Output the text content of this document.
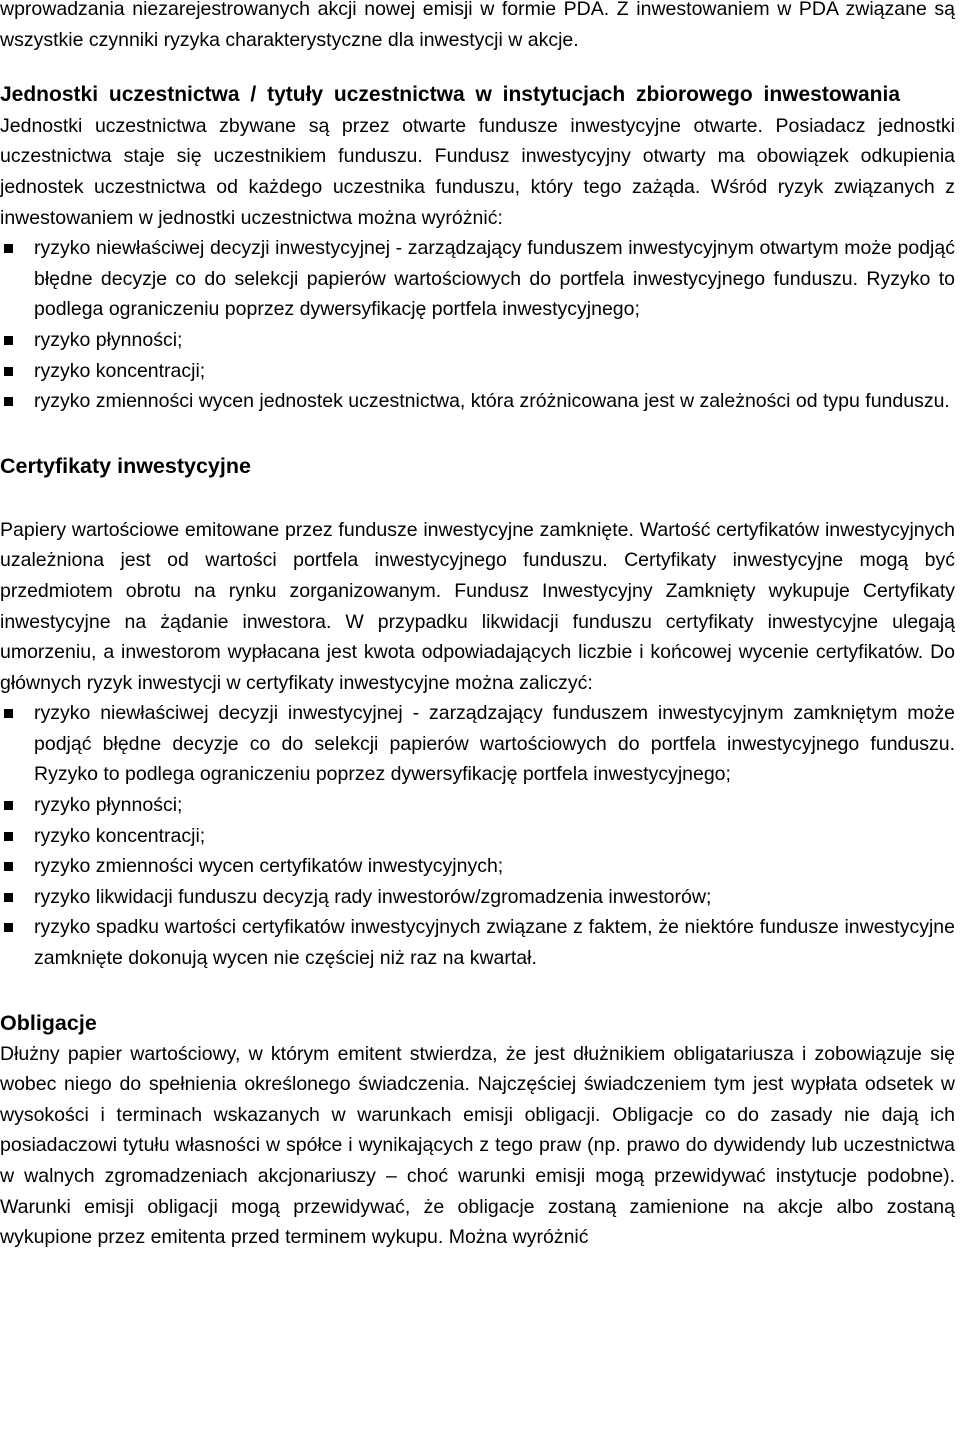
wprowadzania niezarejestrowanych akcji nowej emisji w formie PDA. Z inwestowaniem w PDA związane są wszystkie czynniki ryzyka charakterystyczne dla inwestycji w akcje.

Jednostki uczestnictwa / tytuły uczestnictwa w instytucjach zbiorowego inwestowania

Jednostki uczestnictwa zbywane są przez otwarte fundusze inwestycyjne otwarte. Posiadacz jednostki uczestnictwa staje się uczestnikiem funduszu. Fundusz inwestycyjny otwarty ma obowiązek odkupienia jednostek uczestnictwa od każdego uczestnika funduszu, który tego zażąda. Wśród ryzyk związanych z inwestowaniem w jednostki uczestnictwa można wyróżnić:

ryzyko niewłaściwej decyzji inwestycyjnej - zarządzający funduszem inwestycyjnym otwartym może podjąć błędne decyzje co do selekcji papierów wartościowych do portfela inwestycyjnego funduszu. Ryzyko to podlega ograniczeniu poprzez dywersyfikację portfela inwestycyjnego;
ryzyko płynności;
ryzyko koncentracji;
ryzyko zmienności wycen jednostek uczestnictwa, która zróżnicowana jest w zależności od typu funduszu.
Certyfikaty inwestycyjne

Papiery wartościowe emitowane przez fundusze inwestycyjne zamknięte. Wartość certyfikatów inwestycyjnych uzależniona jest od wartości portfela inwestycyjnego funduszu. Certyfikaty inwestycyjne mogą być przedmiotem obrotu na rynku zorganizowanym. Fundusz Inwestycyjny Zamknięty wykupuje Certyfikaty inwestycyjne na żądanie inwestora. W przypadku likwidacji funduszu certyfikaty inwestycyjne ulegają umorzeniu, a inwestorom wypłacana jest kwota odpowiadających liczbie i końcowej wycenie certyfikatów. Do głównych ryzyk inwestycji w certyfikaty inwestycyjne można zaliczyć:

ryzyko niewłaściwej decyzji inwestycyjnej - zarządzający funduszem inwestycyjnym zamkniętym może podjąć błędne decyzje co do selekcji papierów wartościowych do portfela inwestycyjnego funduszu. Ryzyko to podlega ograniczeniu poprzez dywersyfikację portfela inwestycyjnego;
ryzyko płynności;
ryzyko koncentracji;
ryzyko zmienności wycen certyfikatów inwestycyjnych;
ryzyko likwidacji funduszu decyzją rady inwestorów/zgromadzenia inwestorów;
ryzyko spadku wartości certyfikatów inwestycyjnych związane z faktem, że niektóre fundusze inwestycyjne zamknięte dokonują wycen nie częściej niż raz na kwartał.
Obligacje

Dłużny papier wartościowy, w którym emitent stwierdza, że jest dłużnikiem obligatariusza i zobowiązuje się wobec niego do spełnienia określonego świadczenia. Najczęściej świadczeniem tym jest wypłata odsetek w wysokości i terminach wskazanych w warunkach emisji obligacji. Obligacje co do zasady nie dają ich posiadaczowi tytułu własności w spółce i wynikających z tego praw (np. prawo do dywidendy lub uczestnictwa w walnych zgromadzeniach akcjonariuszy – choć warunki emisji mogą przewidywać instytucje podobne). Warunki emisji obligacji mogą przewidywać, że obligacje zostaną zamienione na akcje albo zostaną wykupione przez emitenta przed terminem wykupu. Można wyróżnić
